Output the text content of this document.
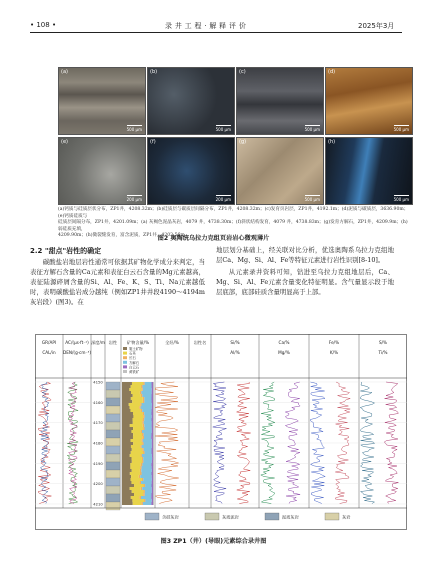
• 108 •	录 井 工 程 · 解 释 评 价	2025年3月
(a)
500 μm
(b)
500 μm
(c)
500 μm
(d)
500 μm
(e)
200 μm
(f)
200 μm
(g)
500 μm
(h)
500 μm
(a)钙质与硅质层状分布，ZP1井，4208.32m；(b)硅质层与碳质层间隔分布，ZP1井，4208.32m；(c)发育页岩层，ZP1井，4192.1m；(d)泥质与碳质层，3636.90m；(e)钙质硅质与
硅质层间隔分布，ZP1井，4201.09m；(a) 灰褐色泥晶灰岩，4079 井，4738.30m；(f)斜状结构发育，4079 井，4738.83m；(g)发育方解石，ZP1井，4209.9m；(h)弱硅质充填，
4209.90m；(h)微裂缝发育，富含泥质，ZP1井，4203.56m
图2 奥陶统乌拉力克组页岩岩心微观薄片
2.2 "甜点"岩性的确定

碳酸盐岩地层岩性通常可依据其矿物化学成分来判定，当表征方解石含量的Ca元素和表征白云石含量的Mg元素越高，表征陆源碎屑含量的Si、Al、Fe、K、S、Ti、Na元素越低时，表明碳酸盐岩成分越纯（例如ZP1井井段4190～4194m灰岩段）(图3)。在

地层划分基础上，经关联对比分析，优选奥陶系乌拉力克组地层Ca、Mg、Si、Al、Fe等特征元素进行岩性识别[8-10]。

从元素录井资料可知，钻进至乌拉力克组地层后，Ca、Mg、Si、Al、Fe元素含量变化特征明显。含气量显示段于地层底部，底部硅质含量明显高于上部。

GR/API
CAL/in
AC/(μs·ft⁻¹)
DEN/(g·cm⁻³)
深度/m 岩性 矿物含量/%	全烃/%	岩性名	Si/%
Al/%
Ca/%
Mg/%
Fe/%
K/%
S/%
Ti/%
黏土矿物
石英
长石
方解石
白云石
黄铁矿
4150
4160
4170
4180
4190
4200
4210
含硅灰岩	灰质泥岩	泥质灰岩	灰岩
图3 ZP1（井）(导眼)元素综合录井图
